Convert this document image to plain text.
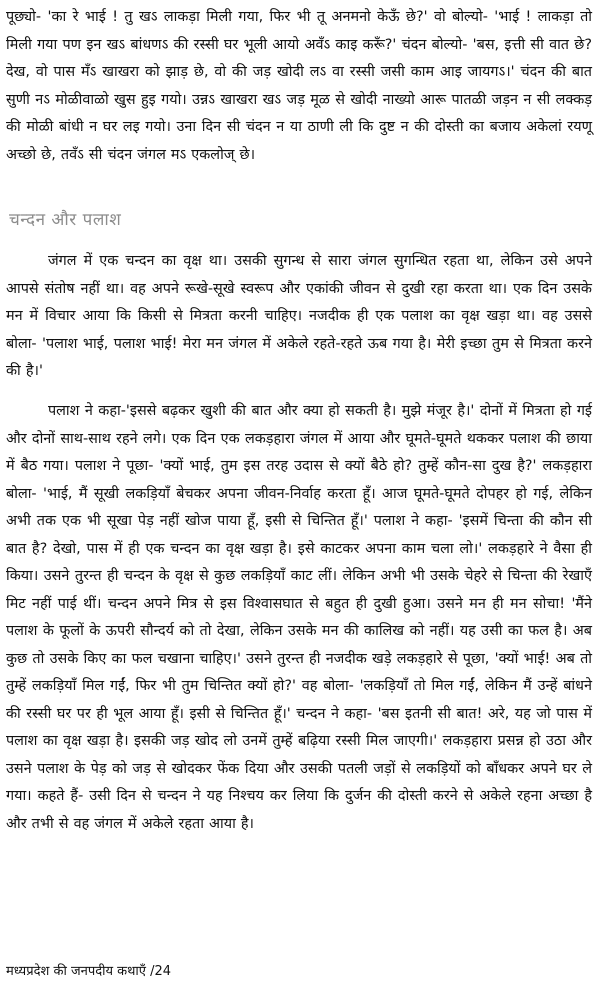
पूछ्यो- 'का रे भाई ! तु खऽ लाकड़ा मिली गया, फिर भी तू अनमनो केऊँ छे?' वो बोल्यो- 'भाई ! लाकड़ा तो मिली गया पण इन खऽ बांधणऽ की रस्सी घर भूली आयो अवँऽ काइ करूँ?' चंदन बोल्यो- 'बस, इत्ती सी वात छे? देख, वो पास मँऽ खाखरा को झाड़ छे, वो की जड़ खोदी लऽ वा रस्सी जसी काम आइ जायगऽ।' चंदन की बात सुणी नऽ मोळीवाळो खुस हुइ गयो। उन्नऽ खाखरा खऽ जड़ मूळ से खोदी नाख्यो आरू पातळी जड़न न सी लक्कड़ की मोळी बांधी न घर लइ गयो। उना दिन सी चंदन न या ठाणी ली कि दुष्ट न की दोस्ती का बजाय अकेलां रयणू अच्छो छे, तवँऽ सी चंदन जंगल मऽ एकलोज् छे।

चन्दन और पलाश

जंगल में एक चन्दन का वृक्ष था। उसकी सुगन्ध से सारा जंगल सुगन्धित रहता था, लेकिन उसे अपने आपसे संतोष नहीं था। वह अपने रूखे-सूखे स्वरूप और एकांकी जीवन से दुखी रहा करता था। एक दिन उसके मन में विचार आया कि किसी से मित्रता करनी चाहिए। नजदीक ही एक पलाश का वृक्ष खड़ा था। वह उससे बोला- 'पलाश भाई, पलाश भाई! मेरा मन जंगल में अकेले रहते-रहते ऊब गया है। मेरी इच्छा तुम से मित्रता करने की है।'

पलाश ने कहा-'इससे बढ़कर खुशी की बात और क्या हो सकती है। मुझे मंजूर है।' दोनों में मित्रता हो गई और दोनों साथ-साथ रहने लगे। एक दिन एक लकड़हारा जंगल में आया और घूमते-घूमते थककर पलाश की छाया में बैठ गया। पलाश ने पूछा- 'क्यों भाई, तुम इस तरह उदास से क्यों बैठे हो? तुम्हें कौन-सा दुख है?' लकड़हारा बोला- 'भाई, मैं सूखी लकड़ियाँ बेचकर अपना जीवन-निर्वाह करता हूँ। आज घूमते-घूमते दोपहर हो गई, लेकिन अभी तक एक भी सूखा पेड़ नहीं खोज पाया हूँ, इसी से चिन्तित हूँ।' पलाश ने कहा- 'इसमें चिन्ता की कौन सी बात है? देखो, पास में ही एक चन्दन का वृक्ष खड़ा है। इसे काटकर अपना काम चला लो।' लकड़हारे ने वैसा ही किया। उसने तुरन्त ही चन्दन के वृक्ष से कुछ लकड़ियाँ काट लीं। लेकिन अभी भी उसके चेहरे से चिन्ता की रेखाएँ मिट नहीं पाई थीं। चन्दन अपने मित्र से इस विश्वासघात से बहुत ही दुखी हुआ। उसने मन ही मन सोचा! 'मैंने पलाश के फूलों के ऊपरी सौन्दर्य को तो देखा, लेकिन उसके मन की कालिख को नहीं। यह उसी का फल है। अब कुछ तो उसके किए का फल चखाना चाहिए।' उसने तुरन्त ही नजदीक खड़े लकड़हारे से पूछा, 'क्यों भाई! अब तो तुम्हें लकड़ियाँ मिल गईं, फिर भी तुम चिन्तित क्यों हो?' वह बोला- 'लकड़ियाँ तो मिल गईं, लेकिन मैं उन्हें बांधने की रस्सी घर पर ही भूल आया हूँ। इसी से चिन्तित हूँ।' चन्दन ने कहा- 'बस इतनी सी बात! अरे, यह जो पास में पलाश का वृक्ष खड़ा है। इसकी जड़ खोद लो उनमें तुम्हें बढ़िया रस्सी मिल जाएगी।' लकड़हारा प्रसन्न हो उठा और उसने पलाश के पेड़ को जड़ से खोदकर फेंक दिया और उसकी पतली जड़ों से लकड़ियों को बाँधकर अपने घर ले गया। कहते हैं- उसी दिन से चन्दन ने यह निश्चय कर लिया कि दुर्जन की दोस्ती करने से अकेले रहना अच्छा है और तभी से वह जंगल में अकेले रहता आया है।

मध्यप्रदेश की जनपदीय कथाएँ /24
